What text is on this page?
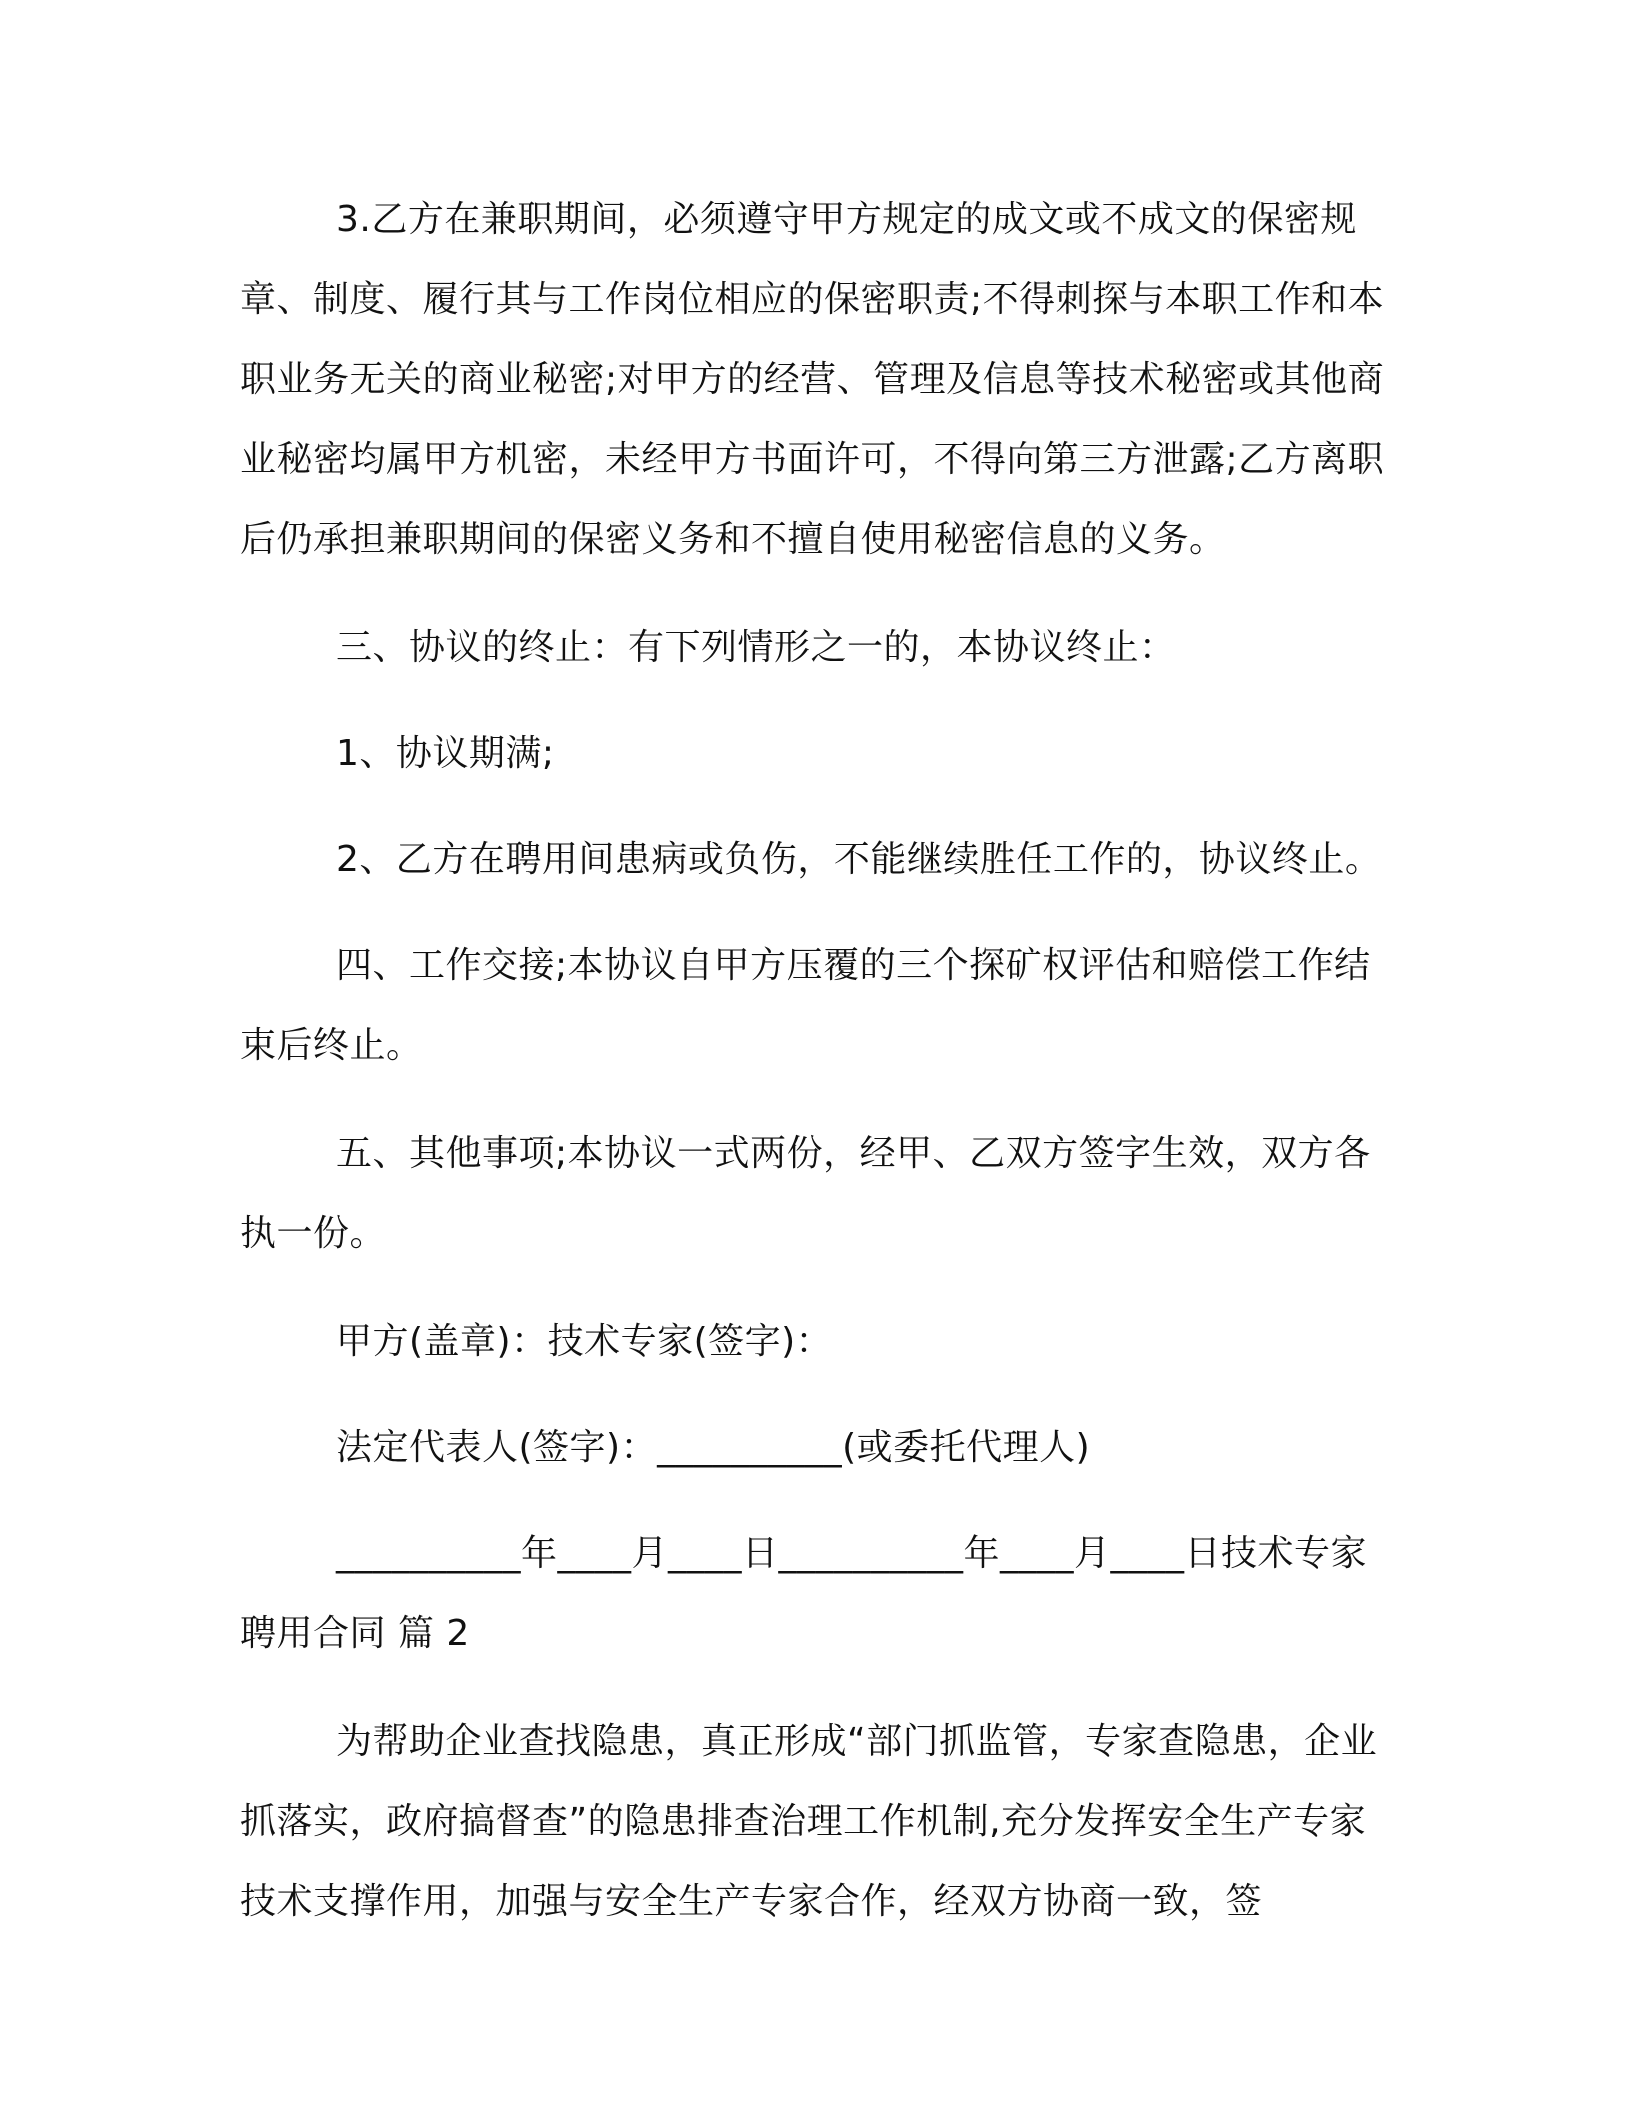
3.乙方在兼职期间，必须遵守甲方规定的成文或不成文的保密规章、制度、履行其与工作岗位相应的保密职责;不得刺探与本职工作和本职业务无关的商业秘密;对甲方的经营、管理及信息等技术秘密或其他商业秘密均属甲方机密，未经甲方书面许可，不得向第三方泄露;乙方离职后仍承担兼职期间的保密义务和不擅自使用秘密信息的义务。

三、协议的终止：有下列情形之一的，本协议终止：

1、协议期满;

2、乙方在聘用间患病或负伤，不能继续胜任工作的，协议终止。

四、工作交接;本协议自甲方压覆的三个探矿权评估和赔偿工作结束后终止。

五、其他事项;本协议一式两份，经甲、乙双方签字生效，双方各执一份。

甲方(盖章)：技术专家(签字)：

法定代表人(签字)：__________(或委托代理人)

__________年____月____日__________年____月____日技术专家聘用合同 篇 2

为帮助企业查找隐患，真正形成“部门抓监管，专家查隐患，企业抓落实，政府搞督查”的隐患排查治理工作机制,充分发挥安全生产专家技术支撑作用，加强与安全生产专家合作，经双方协商一致，签
